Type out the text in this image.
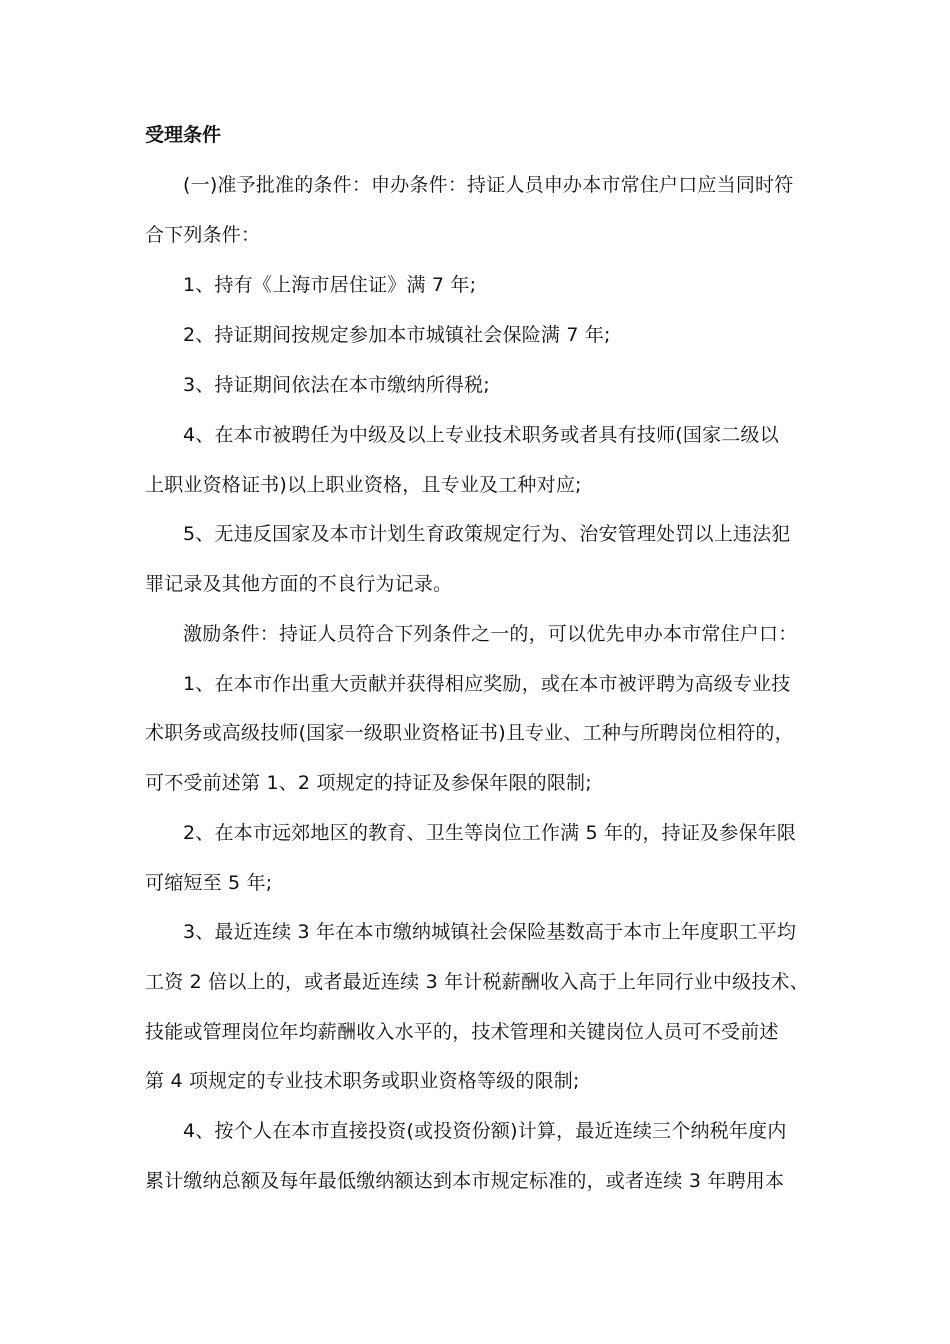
受理条件
(一)准予批准的条件：申办条件：持证人员申办本市常住户口应当同时符
合下列条件：
1、持有《上海市居住证》满 7 年;
2、持证期间按规定参加本市城镇社会保险满 7 年;
3、持证期间依法在本市缴纳所得税;
4、在本市被聘任为中级及以上专业技术职务或者具有技师(国家二级以
上职业资格证书)以上职业资格，且专业及工种对应;
5、无违反国家及本市计划生育政策规定行为、治安管理处罚以上违法犯
罪记录及其他方面的不良行为记录。
激励条件：持证人员符合下列条件之一的，可以优先申办本市常住户口：
1、在本市作出重大贡献并获得相应奖励，或在本市被评聘为高级专业技
术职务或高级技师(国家一级职业资格证书)且专业、工种与所聘岗位相符的，
可不受前述第 1、2 项规定的持证及参保年限的限制;
2、在本市远郊地区的教育、卫生等岗位工作满 5 年的，持证及参保年限
可缩短至 5 年;
3、最近连续 3 年在本市缴纳城镇社会保险基数高于本市上年度职工平均
工资 2 倍以上的，或者最近连续 3 年计税薪酬收入高于上年同行业中级技术、
技能或管理岗位年均薪酬收入水平的，技术管理和关键岗位人员可不受前述
第 4 项规定的专业技术职务或职业资格等级的限制;
4、按个人在本市直接投资(或投资份额)计算，最近连续三个纳税年度内
累计缴纳总额及每年最低缴纳额达到本市规定标准的，或者连续 3 年聘用本
